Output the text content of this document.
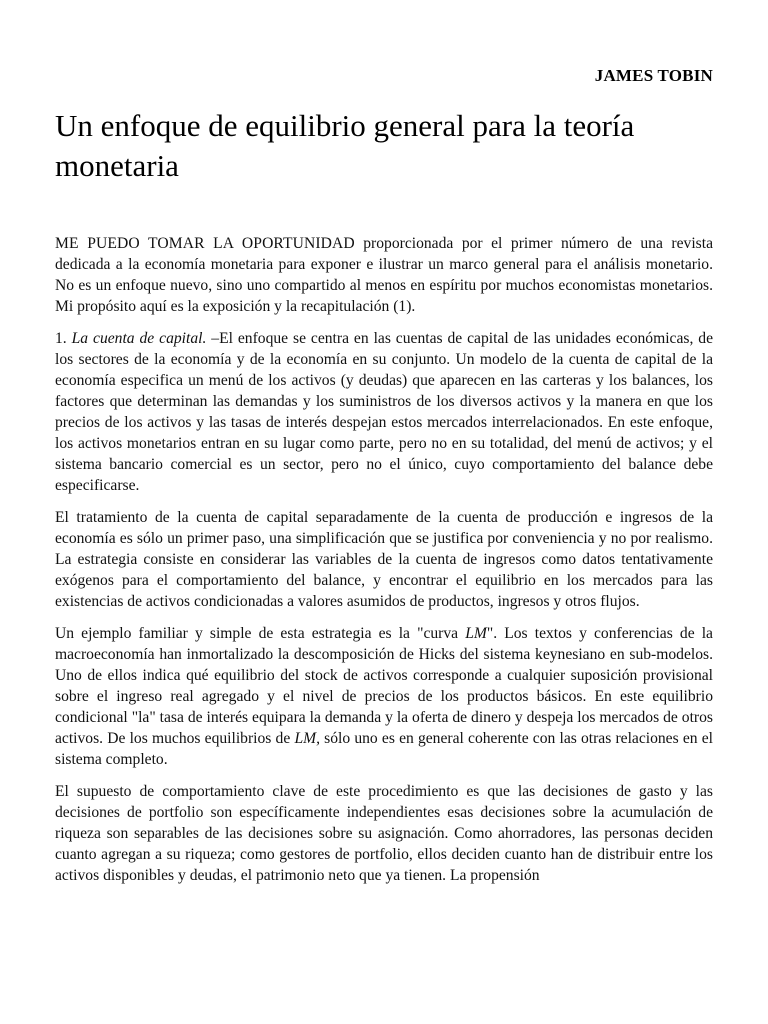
JAMES TOBIN
Un enfoque de equilibrio general para la teoría monetaria

ME PUEDO TOMAR LA OPORTUNIDAD proporcionada por el primer número de una revista dedicada a la economía monetaria para exponer e ilustrar un marco general para el análisis monetario. No es un enfoque nuevo, sino uno compartido al menos en espíritu por muchos economistas monetarios. Mi propósito aquí es la exposición y la recapitulación (1).

1. La cuenta de capital. –El enfoque se centra en las cuentas de capital de las unidades económicas, de los sectores de la economía y de la economía en su conjunto. Un modelo de la cuenta de capital de la economía especifica un menú de los activos (y deudas) que aparecen en las carteras y los balances, los factores que determinan las demandas y los suministros de los diversos activos y la manera en que los precios de los activos y las tasas de interés despejan estos mercados interrelacionados. En este enfoque, los activos monetarios entran en su lugar como parte, pero no en su totalidad, del menú de activos; y el sistema bancario comercial es un sector, pero no el único, cuyo comportamiento del balance debe especificarse.

El tratamiento de la cuenta de capital separadamente de la cuenta de producción e ingresos de la economía es sólo un primer paso, una simplificación que se justifica por conveniencia y no por realismo. La estrategia consiste en considerar las variables de la cuenta de ingresos como datos tentativamente exógenos para el comportamiento del balance, y encontrar el equilibrio en los mercados para las existencias de activos condicionadas a valores asumidos de productos, ingresos y otros flujos.

Un ejemplo familiar y simple de esta estrategia es la "curva LM". Los textos y conferencias de la macroeconomía han inmortalizado la descomposición de Hicks del sistema keynesiano en sub-modelos. Uno de ellos indica qué equilibrio del stock de activos corresponde a cualquier suposición provisional sobre el ingreso real agregado y el nivel de precios de los productos básicos. En este equilibrio condicional "la" tasa de interés equipara la demanda y la oferta de dinero y despeja los mercados de otros activos. De los muchos equilibrios de LM, sólo uno es en general coherente con las otras relaciones en el sistema completo.

El supuesto de comportamiento clave de este procedimiento es que las decisiones de gasto y las decisiones de portfolio son específicamente independientes esas decisiones sobre la acumulación de riqueza son separables de las decisiones sobre su asignación. Como ahorradores, las personas deciden cuanto agregan a su riqueza; como gestores de portfolio, ellos deciden cuanto han de distribuir entre los activos disponibles y deudas, el patrimonio neto que ya tienen. La propensión
